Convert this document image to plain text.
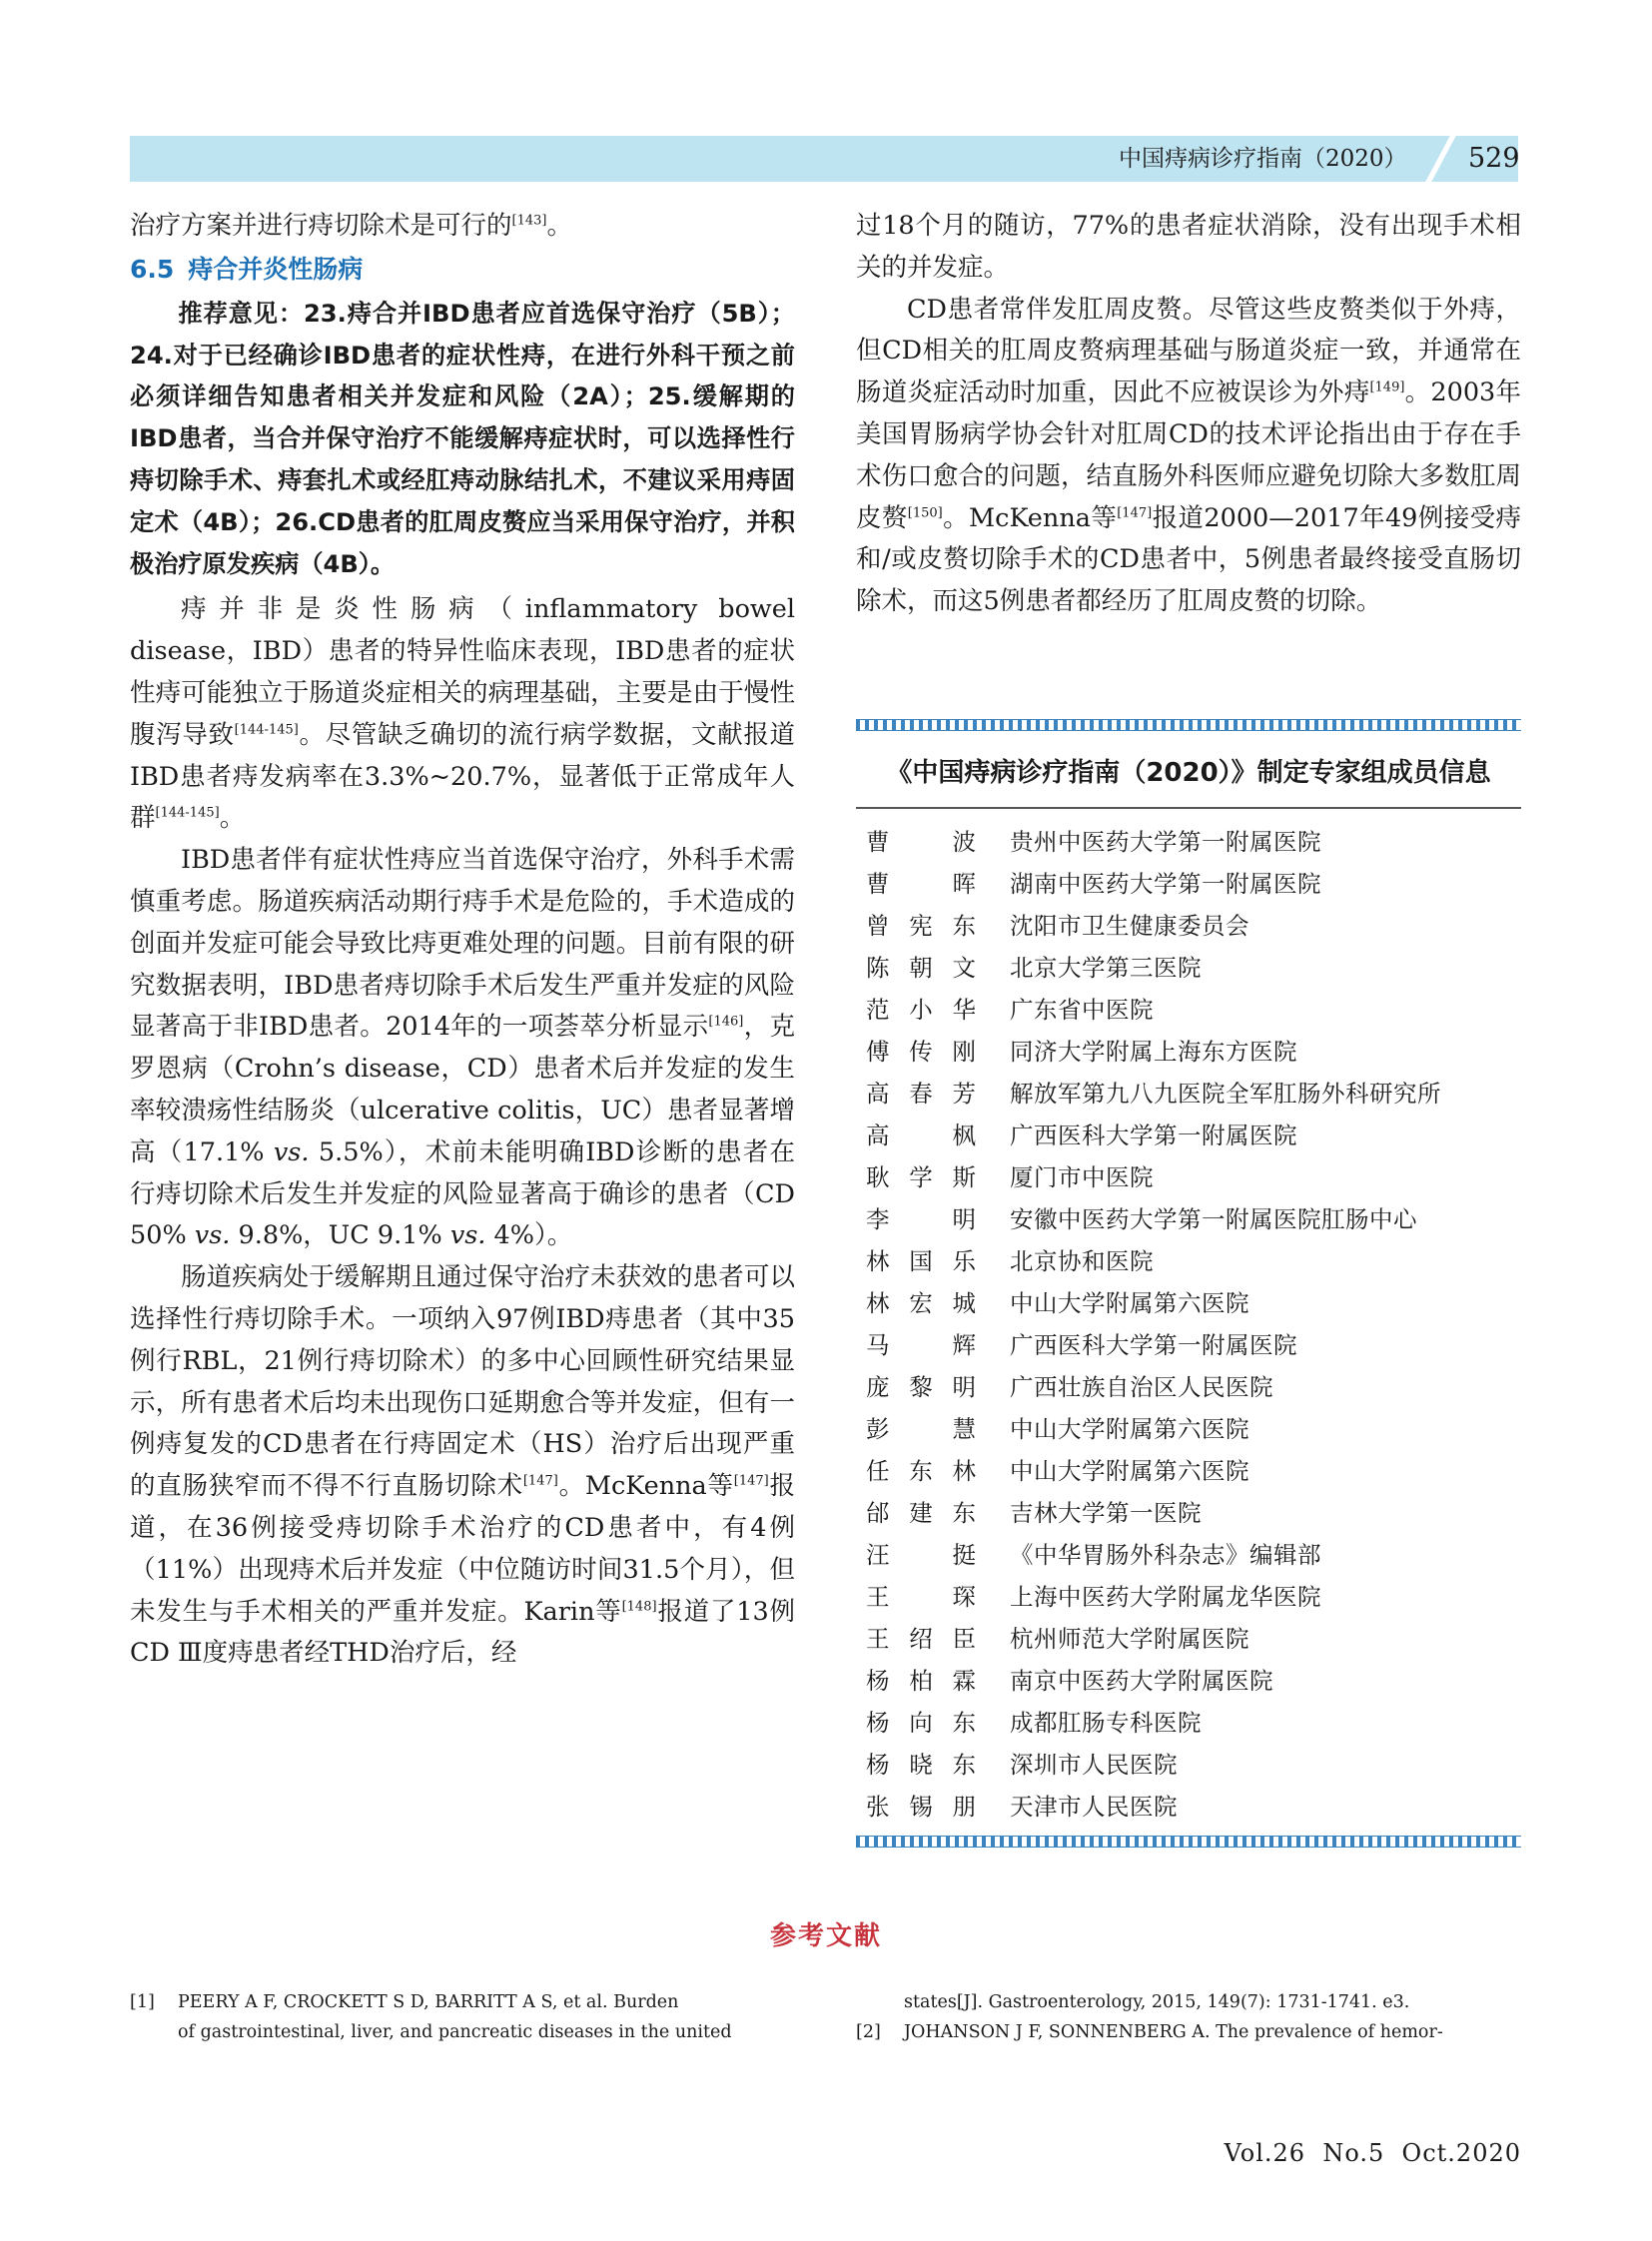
中国痔病诊疗指南（2020） 529

治疗方案并进行痔切除术是可行的[143]。

6.5 痔合并炎性肠病
推荐意见：23.痔合并IBD患者应首选保守治疗（5B）；24.对于已经确诊IBD患者的症状性痔，在进行外科干预之前必须详细告知患者相关并发症和风险（2A）；25.缓解期的IBD患者，当合并保守治疗不能缓解痔症状时，可以选择性行痔切除手术、痔套扎术或经肛痔动脉结扎术，不建议采用痔固定术（4B）；26.CD患者的肛周皮赘应当采用保守治疗，并积极治疗原发疾病（4B）。

痔并非是炎性肠病（inflammatory bowel disease，IBD）患者的特异性临床表现，IBD患者的症状性痔可能独立于肠道炎症相关的病理基础，主要是由于慢性腹泻导致[144-145]。尽管缺乏确切的流行病学数据，文献报道IBD患者痔发病率在3.3%~20.7%，显著低于正常成年人群[144-145]。

IBD患者伴有症状性痔应当首选保守治疗，外科手术需慎重考虑。肠道疾病活动期行痔手术是危险的，手术造成的创面并发症可能会导致比痔更难处理的问题。目前有限的研究数据表明，IBD患者痔切除手术后发生严重并发症的风险显著高于非IBD患者。2014年的一项荟萃分析显示[146]，克罗恩病（Crohn’s disease，CD）患者术后并发症的发生率较溃疡性结肠炎（ulcerative colitis，UC）患者显著增高（17.1% vs. 5.5%），术前未能明确IBD诊断的患者在行痔切除术后发生并发症的风险显著高于确诊的患者（CD 50% vs. 9.8%，UC 9.1% vs. 4%）。

肠道疾病处于缓解期且通过保守治疗未获效的患者可以选择性行痔切除手术。一项纳入97例IBD痔患者（其中35例行RBL，21例行痔切除术）的多中心回顾性研究结果显示，所有患者术后均未出现伤口延期愈合等并发症，但有一例痔复发的CD患者在行痔固定术（HS）治疗后出现严重的直肠狭窄而不得不行直肠切除术[147]。McKenna等[147]报道，在36例接受痔切除手术治疗的CD患者中，有4例（11%）出现痔术后并发症（中位随访时间31.5个月），但未发生与手术相关的严重并发症。Karin等[148]报道了13例CD Ⅲ度痔患者经THD治疗后，经

过18个月的随访，77%的患者症状消除，没有出现手术相关的并发症。

CD患者常伴发肛周皮赘。尽管这些皮赘类似于外痔，但CD相关的肛周皮赘病理基础与肠道炎症一致，并通常在肠道炎症活动时加重，因此不应被误诊为外痔[149]。2003年美国胃肠病学协会针对肛周CD的技术评论指出由于存在手术伤口愈合的问题，结直肠外科医师应避免切除大多数肛周皮赘[150]。McKenna等[147]报道2000—2017年49例接受痔和/或皮赘切除手术的CD患者中，5例患者最终接受直肠切除术，而这5例患者都经历了肛周皮赘的切除。

《中国痔病诊疗指南（2020）》制定专家组成员信息
曹波 贵州中医药大学第一附属医院
曹晖 湖南中医药大学第一附属医院
曾宪东 沈阳市卫生健康委员会
陈朝文 北京大学第三医院
范小华 广东省中医院
傅传刚 同济大学附属上海东方医院
高春芳 解放军第九八九医院全军肛肠外科研究所
高枫 广西医科大学第一附属医院
耿学斯 厦门市中医院
李明 安徽中医药大学第一附属医院肛肠中心
林国乐 北京协和医院
林宏城 中山大学附属第六医院
马辉 广西医科大学第一附属医院
庞黎明 广西壮族自治区人民医院
彭慧 中山大学附属第六医院
任东林 中山大学附属第六医院
邰建东 吉林大学第一医院
汪挺 《中华胃肠外科杂志》编辑部
王琛 上海中医药大学附属龙华医院
王绍臣 杭州师范大学附属医院
杨柏霖 南京中医药大学附属医院
杨向东 成都肛肠专科医院
杨晓东 深圳市人民医院
张锡朋 天津市人民医院
参考文献
[1]	PEERY A F, CROCKETT S D, BARRITT A S, et al. Burden
of gastrointestinal, liver, and pancreatic diseases in the united
states[J]. Gastroenterology, 2015, 149(7): 1731-1741. e3.
[2]	JOHANSON J F, SONNENBERG A. The prevalence of hemor-
Vol.26 No.5 Oct.2020
